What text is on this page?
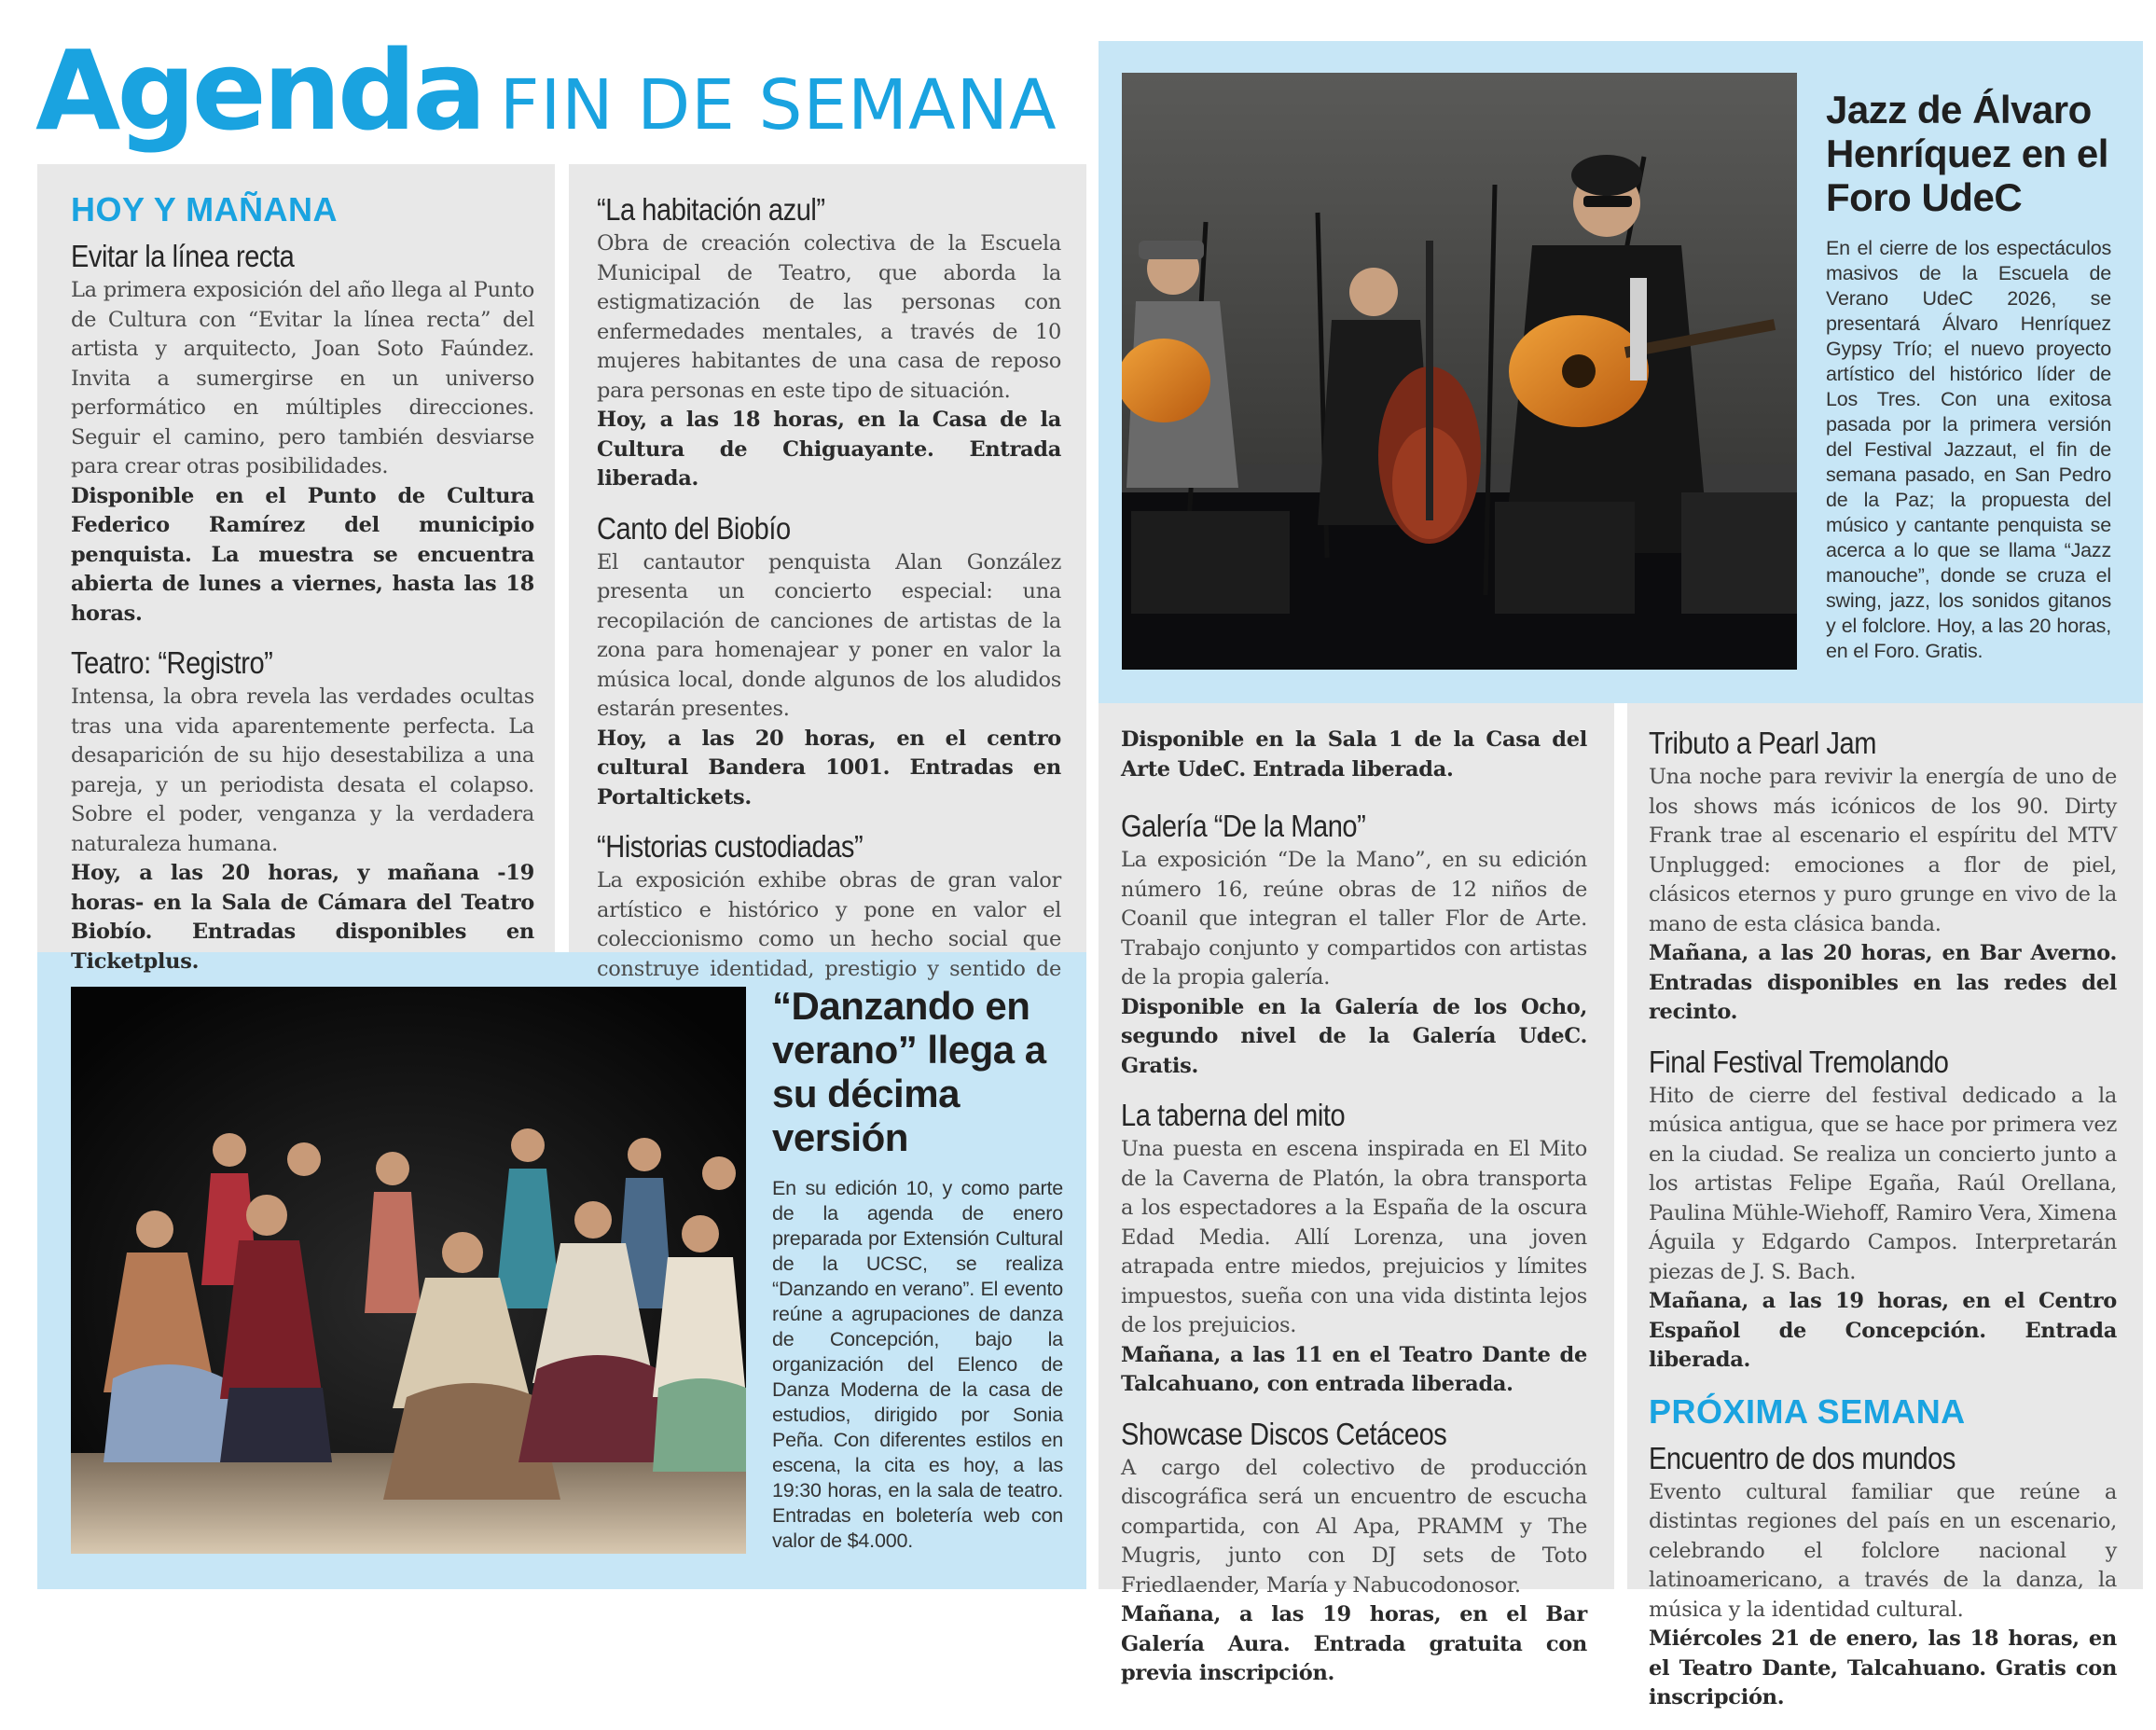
Agenda FIN DE SEMANA
HOY Y MAÑANA
Evitar la línea recta

La primera exposición del año llega al Punto de Cultura con “Evitar la línea recta” del artista y arquitecto, Joan Soto Faúndez. Invita a sumergirse en un universo performático en múltiples direcciones. Seguir el camino, pero también desviarse para crear otras posibilidades.

Disponible en el Punto de Cultura Federico Ramírez del municipio penquista. La muestra se encuentra abierta de lunes a viernes, hasta las 18 horas.

Teatro: “Registro”

Intensa, la obra revela las verdades ocultas tras una vida aparentemente perfecta. La desaparición de su hijo desestabiliza a una pareja, y un periodista desata el colapso. Sobre el poder, venganza y la verdadera naturaleza humana.

Hoy, a las 20 horas, y mañana -19 horas- en la Sala de Cámara del Teatro Biobío. Entradas disponibles en Ticketplus.

“La habitación azul”

Obra de creación colectiva de la Escuela Municipal de Teatro, que aborda la estigmatización de las personas con enfermedades mentales, a través de 10 mujeres habitantes de una casa de reposo para personas en este tipo de situación.

Hoy, a las 18 horas, en la Casa de la Cultura de Chiguayante. Entrada liberada.

Canto del Biobío

El cantautor penquista Alan González presenta un concierto especial: una recopilación de canciones de artistas de la zona para homenajear y poner en valor la música local, donde algunos de los aludidos estarán presentes.

Hoy, a las 20 horas, en el centro cultural Bandera 1001. Entradas en Portaltickets.

“Historias custodiadas”

La exposición exhibe obras de gran valor artístico e histórico y pone en valor el coleccionismo como un hecho social que construye identidad, prestigio y sentido de

“Danzando en verano” llega a su décima versión

En su edición 10, y como parte de la agenda de enero preparada por Extensión Cultural de la UCSC, se realiza “Danzando en verano”. El evento reúne a agrupaciones de danza de Concepción, bajo la organización del Elenco de Danza Moderna de la casa de estudios, dirigido por Sonia Peña. Con diferentes estilos en escena, la cita es hoy, a las 19:30 horas, en la sala de teatro. Entradas en boletería web con valor de $4.000.

Jazz de Álvaro Henríquez en el Foro UdeC

En el cierre de los espectáculos masivos de la Escuela de Verano UdeC 2026, se presentará Álvaro Henríquez Gypsy Trío; el nuevo proyecto artístico del histórico líder de Los Tres. Con una exitosa pasada por la primera versión del Festival Jazzaut, el fin de semana pasado, en San Pedro de la Paz; la propuesta del músico y cantante penquista se acerca a lo que se llama “Jazz manouche”, donde se cruza el swing, jazz, los sonidos gitanos y el folclore. Hoy, a las 20 horas, en el Foro. Gratis.

Disponible en la Sala 1 de la Casa del Arte UdeC. Entrada liberada.

Galería “De la Mano”

La exposición “De la Mano”, en su edición número 16, reúne obras de 12 niños de Coanil que integran el taller Flor de Arte. Trabajo conjunto y compartidos con artistas de la propia galería.

Disponible en la Galería de los Ocho, segundo nivel de la Galería UdeC. Gratis.

La taberna del mito

Una puesta en escena inspirada en El Mito de la Caverna de Platón, la obra transporta a los espectadores a la España de la oscura Edad Media. Allí Lorenza, una joven atrapada entre miedos, prejuicios y límites impuestos, sueña con una vida distinta lejos de los prejuicios.

Mañana, a las 11 en el Teatro Dante de Talcahuano, con entrada liberada.

Showcase Discos Cetáceos

A cargo del colectivo de producción discográfica será un encuentro de escucha compartida, con Al Apa, PRAMM y The Mugris, junto con DJ sets de Toto Friedlaender, María y Nabucodonosor.

Mañana, a las 19 horas, en el Bar Galería Aura. Entrada gratuita con previa inscripción.

Tributo a Pearl Jam

Una noche para revivir la energía de uno de los shows más icónicos de los 90. Dirty Frank trae al escenario el espíritu del MTV Unplugged: emociones a flor de piel, clásicos eternos y puro grunge en vivo de la mano de esta clásica banda.

Mañana, a las 20 horas, en Bar Averno. Entradas disponibles en las redes del recinto.

Final Festival Tremolando

Hito de cierre del festival dedicado a la música antigua, que se hace por primera vez en la ciudad. Se realiza un concierto junto a los artistas Felipe Egaña, Raúl Orellana, Paulina Mühle-Wiehoff, Ramiro Vera, Ximena Águila y Edgardo Campos. Interpretarán piezas de J. S. Bach.

Mañana, a las 19 horas, en el Centro Español de Concepción. Entrada liberada.

PRÓXIMA SEMANA
Encuentro de dos mundos

Evento cultural familiar que reúne a distintas regiones del país en un escenario, celebrando el folclore nacional y latinoamericano, a través de la danza, la música y la identidad cultural.

Miércoles 21 de enero, las 18 horas, en el Teatro Dante, Talcahuano. Gratis con inscripción.
